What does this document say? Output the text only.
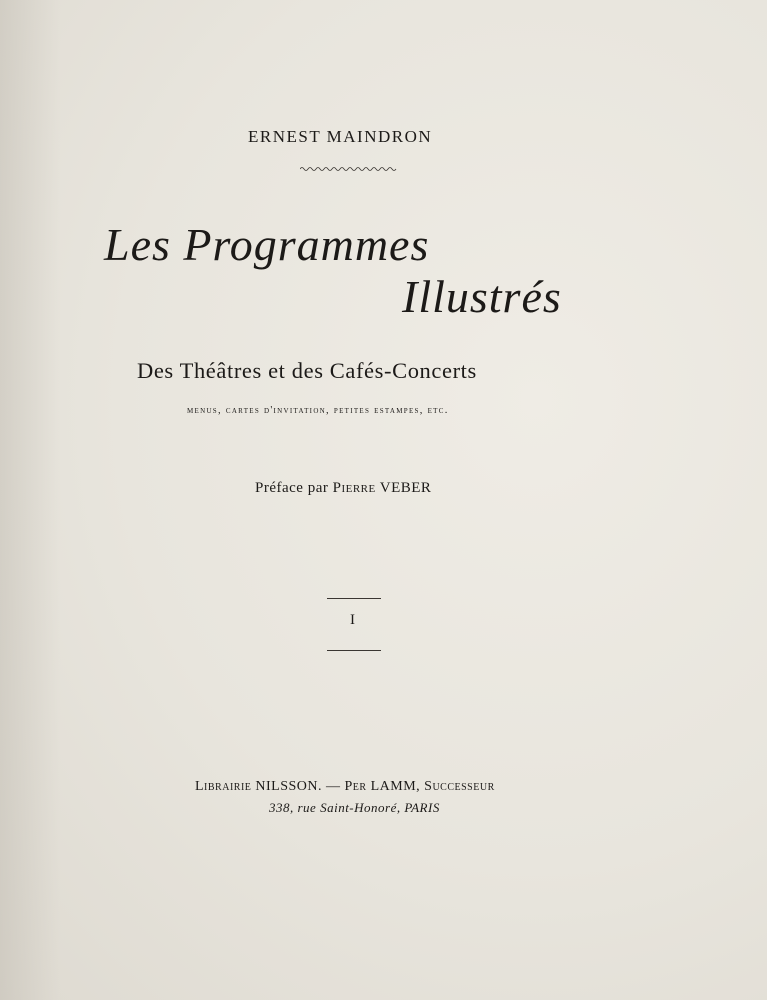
ERNEST MAINDRON
Les Programmes
Illustrés
Des Théâtres et des Cafés-Concerts
menus, cartes d'invitation, petites estampes, etc.
Préface par Pierre VEBER
I
Librairie NILSSON. — Per LAMM, Successeur
338, rue Saint-Honoré, PARIS
